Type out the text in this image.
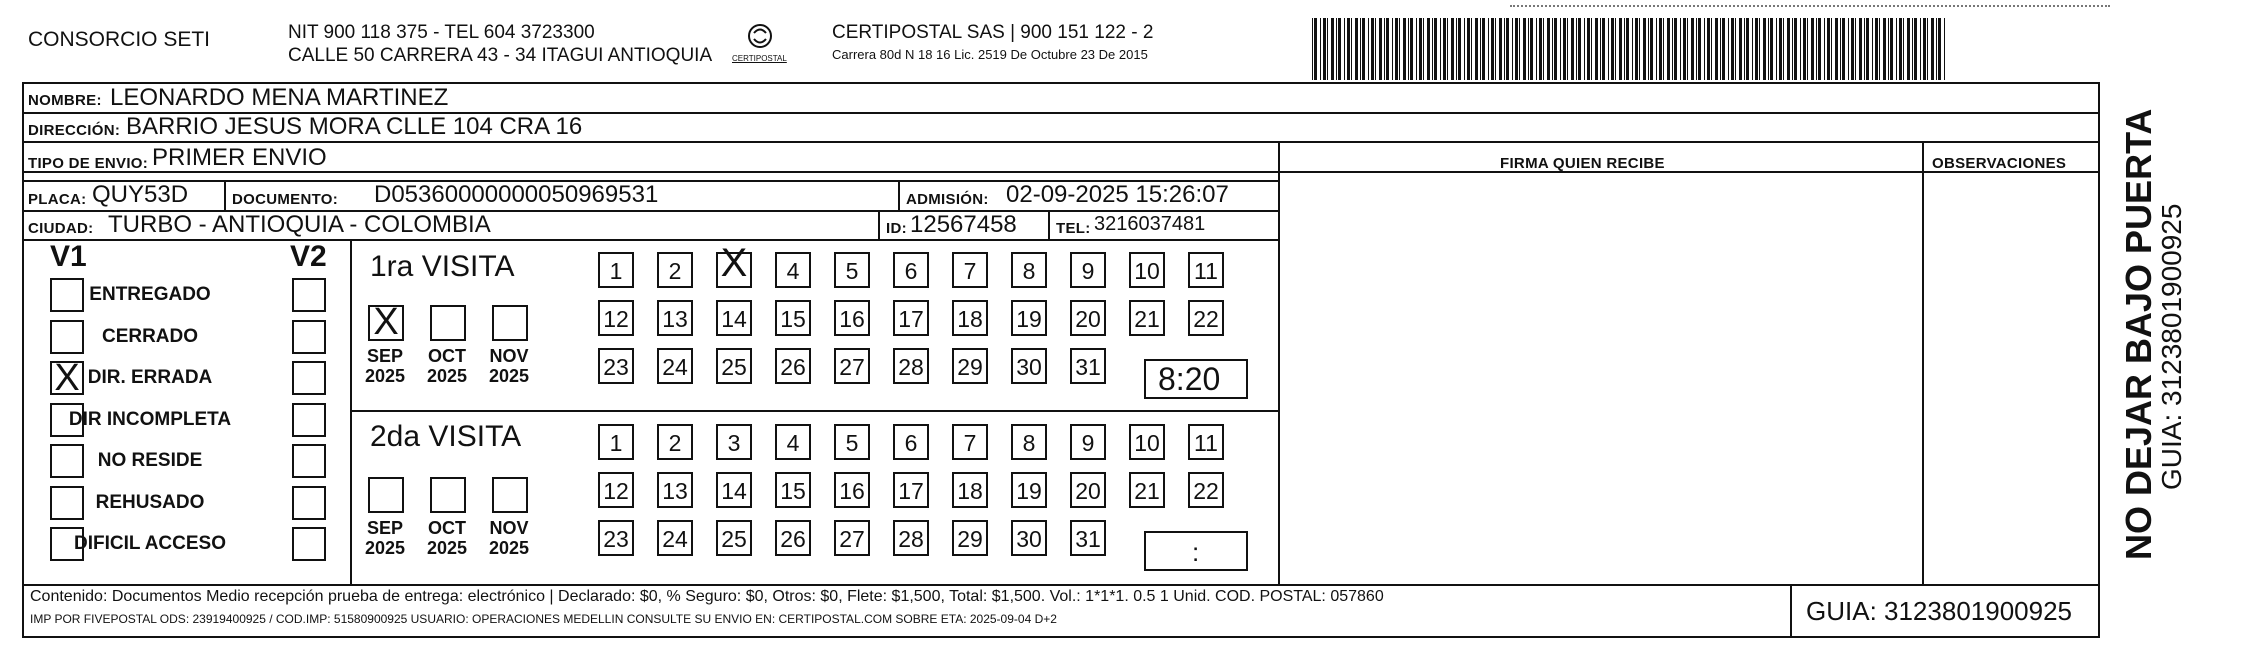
CONSORCIO SETI	NIT 900 118 375 - TEL 604 3723300
CALLE 50 CARRERA 43 - 34 ITAGUI ANTIOQUIA CERTIPOSTAL
CERTIPOSTAL SAS | 900 151 122 - 2
Carrera 80d N 18 16 Lic. 2519 De Octubre 23 De 2015
NOMBRE: LEONARDO MENA MARTINEZ
DIRECCIÓN: BARRIO JESUS MORA CLLE 104 CRA 16
TIPO DE ENVIO: PRIMER ENVIO	FIRMA QUIEN RECIBE	OBSERVACIONES
PLACA: QUY53D	DOCUMENTO: D05360000000050969531	ADMISIÓN: 02-09-2025 15:26:07
CIUDAD: TURBO - ANTIOQUIA - COLOMBIA	ID: 12567458	TEL: 3216037481
V1	V2
ENTREGADO
CERRADO
X DIR. ERRADA
DIR INCOMPLETA
NO RESIDE
REHUSADO
DIFICIL ACCESO
1ra VISITA
2da VISITA
X
SEP
2025
OCT
2025
NOV
2025
SEP
2025
OCT
2025
NOV
2025
1	2 X	4	5	6	7	8	9	10 11
12 13 14 15 16 17 18 19 20 21 22
23 24 25 26 27 28 29 30 31
1	2	3	4	5	6	7	8	9	10 11
12 13 14 15 16 17 18 19 20 21 22
23 24 25 26 27 28 29 30 31
8:20
:
Contenido: Documentos Medio recepción prueba de entrega: electrónico | Declarado: $0, % Seguro: $0, Otros: $0, Flete: $1,500, Total: $1,500. Vol.: 1*1*1. 0.5 1 Unid. COD. POSTAL: 057860
IMP POR FIVEPOSTAL ODS: 23919400925 / COD.IMP: 51580900925 USUARIO: OPERACIONES MEDELLIN CONSULTE SU ENVIO EN: CERTIPOSTAL.COM SOBRE ETA: 2025-09-04 D+2	GUIA: 3123801900925
NO DEJAR BAJO PUERTA
GUIA: 3123801900925
